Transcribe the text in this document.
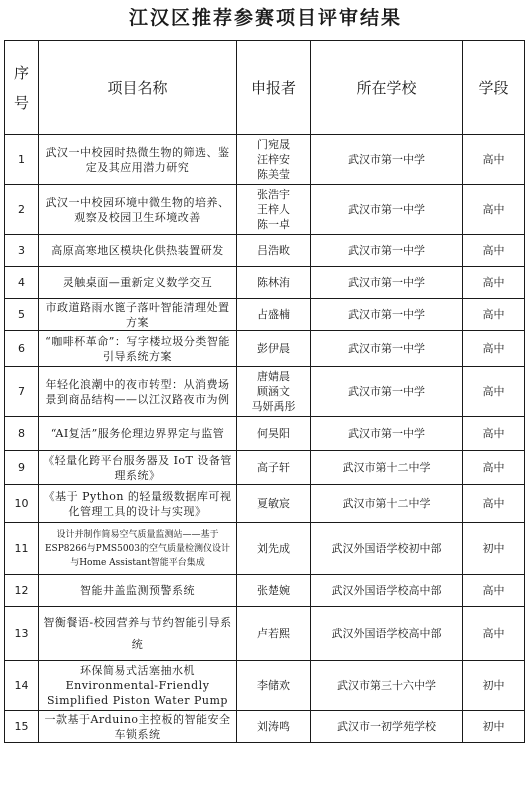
江汉区推荐参赛项目评审结果
序
号	项目名称	申报者	所在学校	学段
1	武汉一中校园时热微生物的筛选、鉴定及其应用潜力研究	门宛晟
汪梓安
陈美莹	武汉市第一中学	高中
2	武汉一中校园环境中微生物的培养、观察及校园卫生环境改善	张浩宇
王梓人
陈一卓	武汉市第一中学	高中
3	高原高寒地区模块化供热装置研发	吕浩畋	武汉市第一中学	高中
4	灵触桌面—重新定义数学交互	陈林洧	武汉市第一中学	高中
5	市政道路雨水篦子落叶智能清理处置方案	占盛楠	武汉市第一中学	高中
6	“咖啡杯革命”：写字楼垃圾分类智能引导系统方案	彭伊晨	武汉市第一中学	高中
7	年轻化浪潮中的夜市转型：从消费场景到商品结构——以江汉路夜市为例	唐婧晨
顾涵文
马妍禹彤	武汉市第一中学	高中
8	“AI复活”服务伦理边界界定与监管	何昊阳	武汉市第一中学	高中
9	《轻量化跨平台服务器及 IoT 设备管理系统》	高子轩	武汉市第十二中学	高中
10	《基于 Python 的轻量级数据库可视化管理工具的设计与实现》	夏敏宸	武汉市第十二中学	高中
11	设计并制作简易空气质量监测站——基于ESP8266与PMS5003的空气质量检测仪设计与Home Assistant智能平台集成	刘先成	武汉外国语学校初中部	初中
12	智能井盖监测预警系统	张楚婉	武汉外国语学校高中部	高中
13	智衡餐语-校园营养与节约智能引导系统	卢若熙	武汉外国语学校高中部	高中
14	环保简易式活塞抽水机 Environmental-Friendly Simplified Piston Water Pump	李储欢	武汉市第三十六中学	初中
15	一款基于Arduino主控板的智能安全车锁系统	刘涛鸣	武汉市一初学苑学校	初中
